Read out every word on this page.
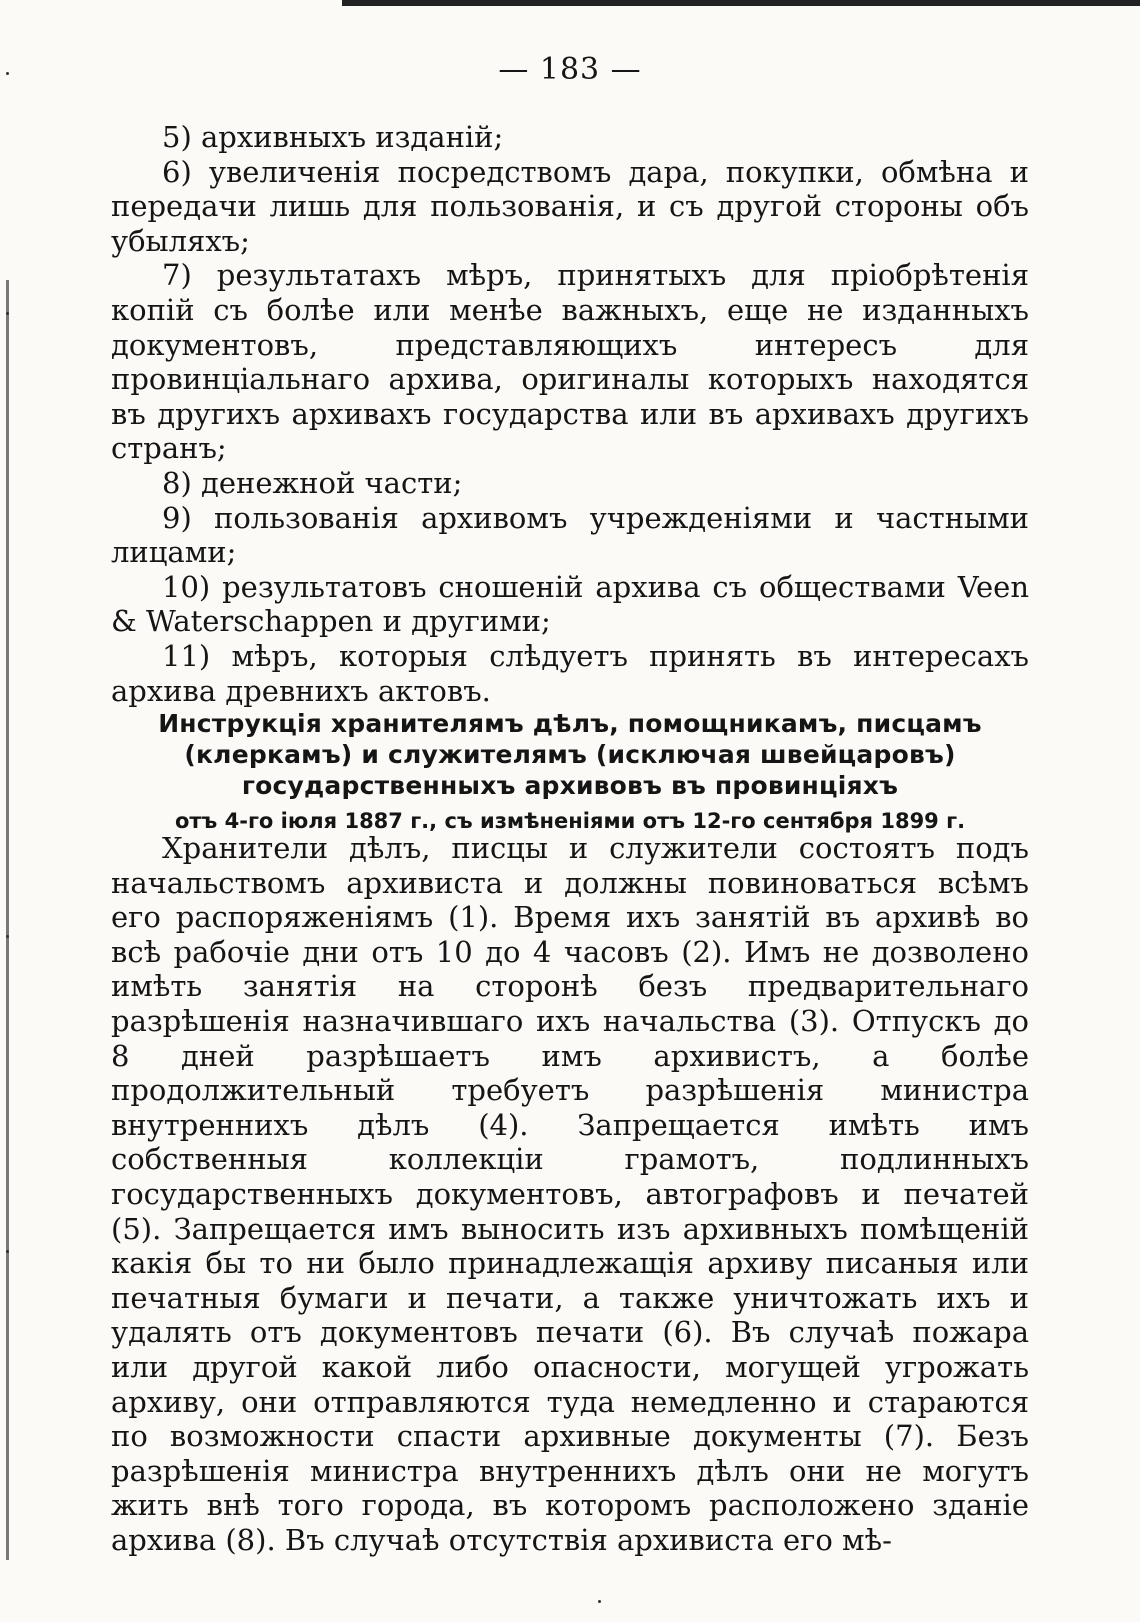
— 183 —

5) архивныхъ изданій;

6) увеличенія посредствомъ дара, покупки, обмѣна и передачи лишь для пользованія, и съ другой стороны объ убыляхъ;

7) результатахъ мѣръ, принятыхъ для пріобрѣтенія копій съ болѣе или менѣе важныхъ, еще не изданныхъ документовъ, представляющихъ интересъ для провинціальнаго архива, оригиналы которыхъ находятся въ другихъ архивахъ государства или въ архивахъ другихъ странъ;

8) денежной части;

9) пользованія архивомъ учрежденіями и частными лицами;

10) результатовъ сношеній архива съ обществами Veen & Waterschappen и другими;

11) мѣръ, которыя слѣдуетъ принять въ интересахъ архива древнихъ актовъ.

Инструкція хранителямъ дѣлъ, помощникамъ, писцамъ (клеркамъ) и служителямъ (исключая швейцаровъ) государственныхъ архивовъ въ провинціяхъ
отъ 4-го іюля 1887 г., съ измѣненіями отъ 12-го сентября 1899 г.

Хранители дѣлъ, писцы и служители состоятъ подъ начальствомъ архивиста и должны повиноваться всѣмъ его распоряженіямъ (1). Время ихъ занятій въ архивѣ во всѣ рабочіе дни отъ 10 до 4 часовъ (2). Имъ не дозволено имѣть занятія на сторонѣ безъ предварительнаго разрѣшенія назначившаго ихъ начальства (3). Отпускъ до 8 дней разрѣшаетъ имъ архивистъ, а болѣе продолжительный требуетъ разрѣшенія министра внутреннихъ дѣлъ (4). Запрещается имѣть имъ собственныя коллекціи грамотъ, подлинныхъ государственныхъ документовъ, автографовъ и печатей (5). Запрещается имъ выносить изъ архивныхъ помѣщеній какія бы то ни было принадлежащія архиву писаныя или печатныя бумаги и печати, а также уничтожать ихъ и удалять отъ документовъ печати (6). Въ случаѣ пожара или другой какой либо опасности, могущей угрожать архиву, они отправляются туда немедленно и стараются по возможности спасти архивные документы (7). Безъ разрѣшенія министра внутреннихъ дѣлъ они не могутъ жить внѣ того города, въ которомъ расположено зданіе архива (8). Въ случаѣ отсутствія архивиста его мѣ-
